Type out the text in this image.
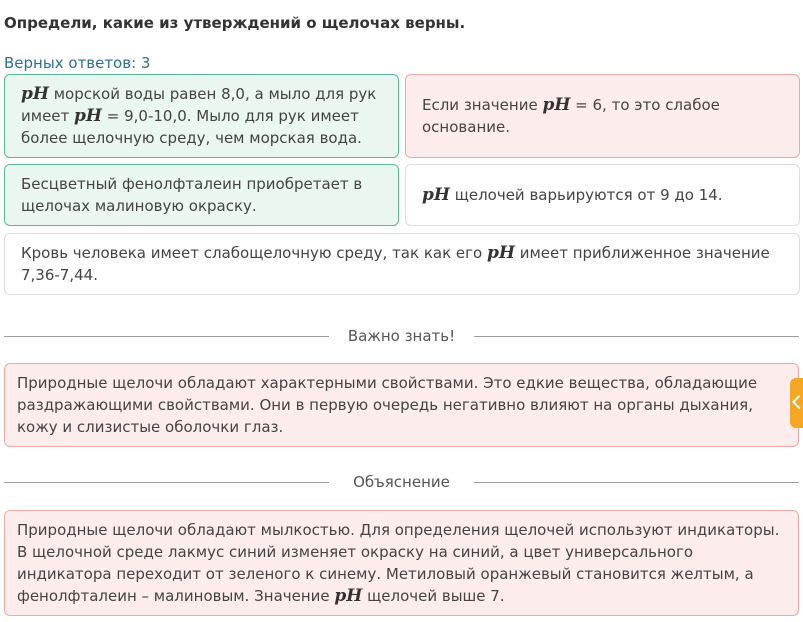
Определи, какие из утверждений о щелочах верны.
Верных ответов: 3
pH морской воды равен 8,0, а мыло для рук имеет pH = 9,0-10,0. Мыло для рук имеет более щелочную среду, чем морская вода.
Если значение pH = 6, то это слабое основание.
Бесцветный фенолфталеин приобретает в щелочах малиновую окраску.
pH щелочей варьируются от 9 до 14.
Кровь человека имеет слабощелочную среду, так как его pH имеет приближенное значение 7,36-7,44.
Важно знать!
Природные щелочи обладают характерными свойствами. Это едкие вещества, обладающие раздражающими свойствами. Они в первую очередь негативно влияют на органы дыхания, кожу и слизистые оболочки глаз.
Объяснение
Природные щелочи обладают мылкостью. Для определения щелочей используют индикаторы. В щелочной среде лакмус синий изменяет окраску на синий, а цвет универсального индикатора переходит от зеленого к синему. Метиловый оранжевый становится желтым, а фенолфталеин – малиновым. Значение pH щелочей выше 7.
